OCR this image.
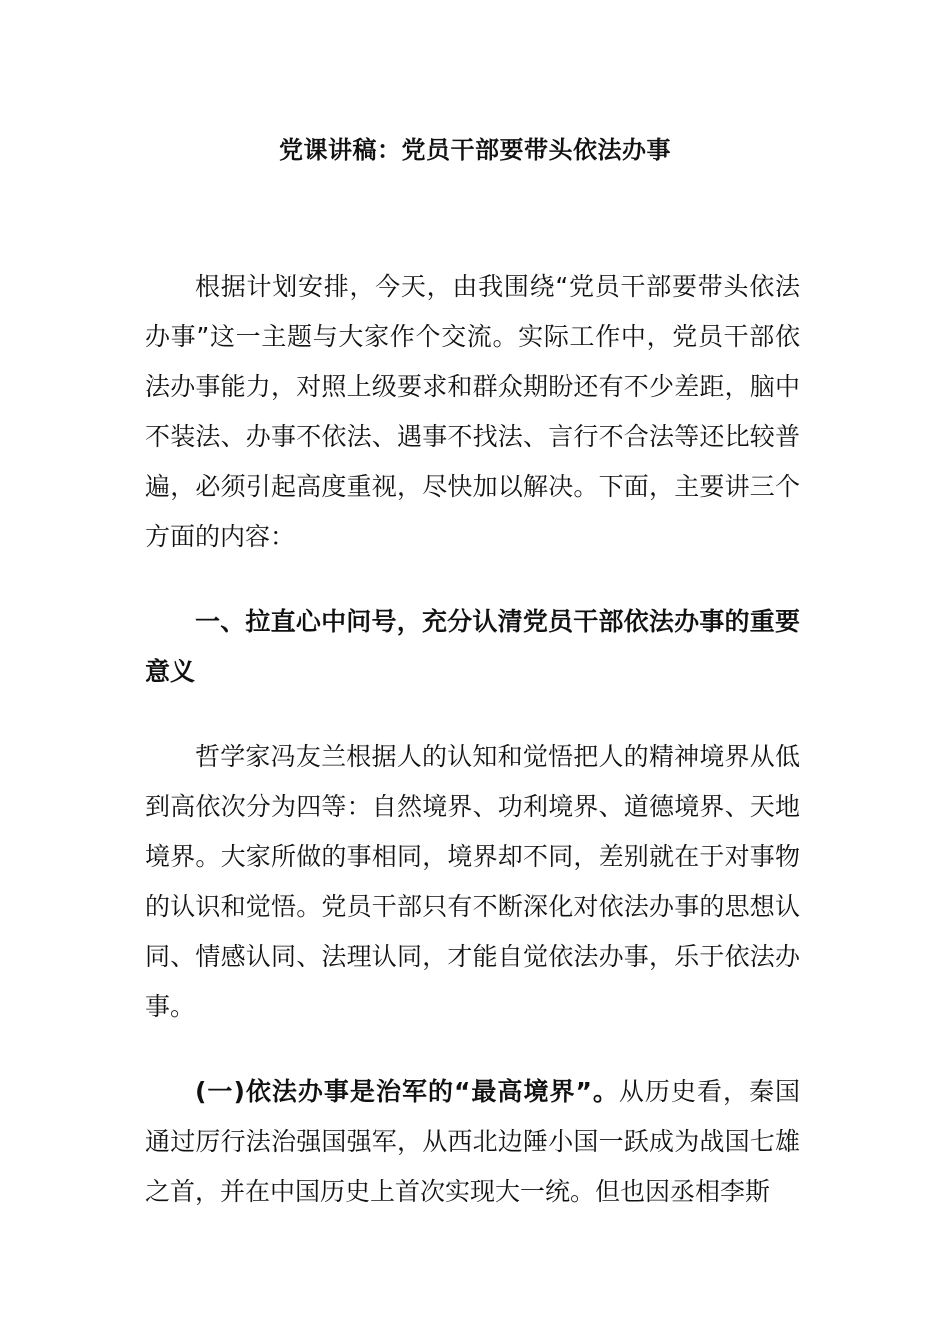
党课讲稿：党员干部要带头依法办事

根据计划安排，今天，由我围绕“党员干部要带头依法办事”这一主题与大家作个交流。实际工作中，党员干部依法办事能力，对照上级要求和群众期盼还有不少差距，脑中不装法、办事不依法、遇事不找法、言行不合法等还比较普遍，必须引起高度重视，尽快加以解决。下面，主要讲三个方面的内容：

一、拉直心中问号，充分认清党员干部依法办事的重要意义

哲学家冯友兰根据人的认知和觉悟把人的精神境界从低到高依次分为四等：自然境界、功利境界、道德境界、天地境界。大家所做的事相同，境界却不同，差别就在于对事物的认识和觉悟。党员干部只有不断深化对依法办事的思想认同、情感认同、法理认同，才能自觉依法办事，乐于依法办事。

(一)依法办事是治军的“最高境界”。从历史看，秦国通过厉行法治强国强军，从西北边陲小国一跃成为战国七雄之首，并在中国历史上首次实现大一统。但也因丞相李斯
